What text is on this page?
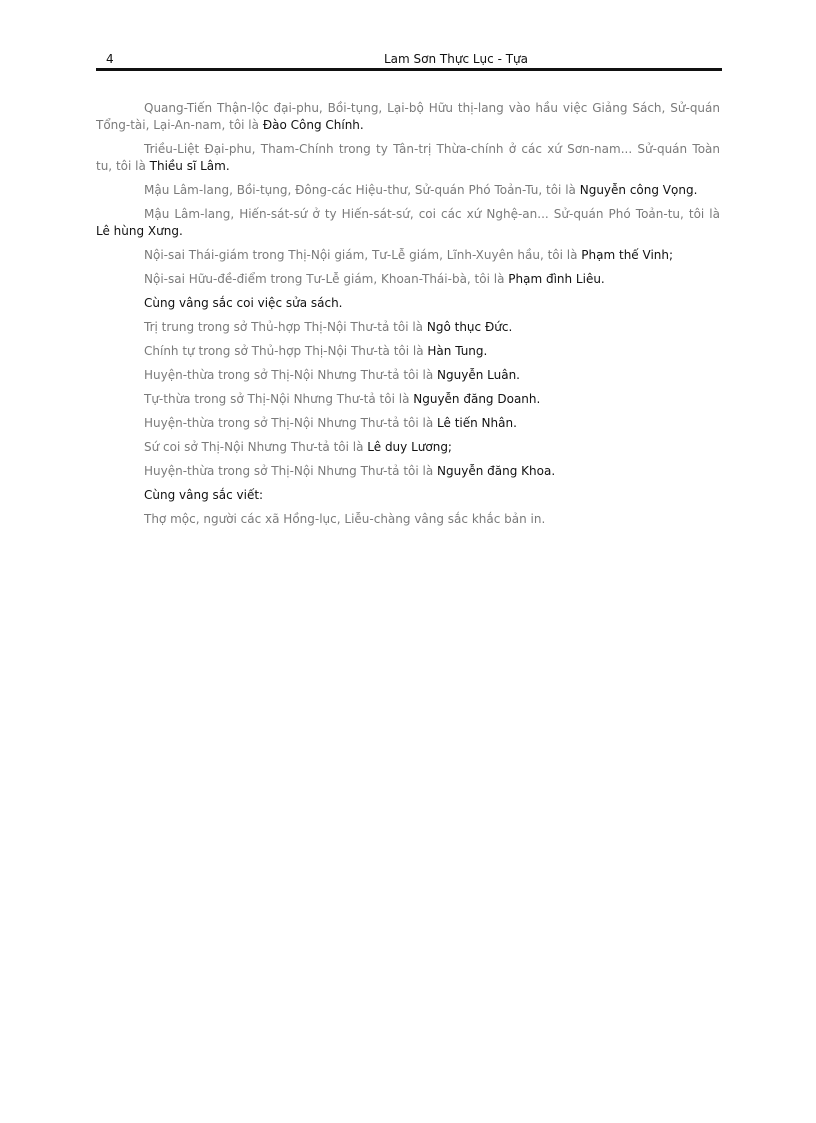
4	Lam Sơn Thực Lục - Tựa

Quang-Tiến Thận-lộc đại-phu, Bồi-tụng, Lại-bộ Hữu thị-lang vào hầu việc Giảng Sách, Sử-quán Tổng-tài, Lại-An-nam, tôi là Đào Công Chính.

Triều-Liệt Đại-phu, Tham-Chính trong ty Tân-trị Thừa-chính ở các xứ Sơn-nam... Sử-quán Toàn tu, tôi là Thiều sĩ Lâm.

Mậu Lâm-lang, Bồi-tụng, Đông-các Hiệu-thư, Sử-quán Phó Toản-Tu, tôi là Nguyễn công Vọng.

Mậu Lâm-lang, Hiến-sát-sứ ở ty Hiến-sát-sứ, coi các xứ Nghệ-an... Sử-quán Phó Toản-tu, tôi là Lê hùng Xưng.

Nội-sai Thái-giám trong Thị-Nội giám, Tư-Lễ giám, Lĩnh-Xuyên hầu, tôi là Phạm thế Vinh;

Nội-sai Hữu-đề-điểm trong Tư-Lễ giám, Khoan-Thái-bà, tôi là Phạm đình Liêu.

Cùng vâng sắc coi việc sửa sách.

Trị trung trong sở Thủ-hợp Thị-Nội Thư-tả tôi là Ngô thục Đức.

Chính tự trong sở Thủ-hợp Thị-Nội Thư-tà tôi là Hàn Tung.

Huyện-thừa trong sở Thị-Nội Nhưng Thư-tả tôi là Nguyễn Luân.

Tự-thừa trong sở Thị-Nội Nhưng Thư-tả tôi là Nguyễn đăng Doanh.

Huyện-thừa trong sở Thị-Nội Nhưng Thư-tả tôi là Lê tiến Nhân.

Sứ coi sở Thị-Nội Nhưng Thư-tả tôi là Lê duy Lương;

Huyện-thừa trong sở Thị-Nội Nhưng Thư-tả tôi là Nguyễn đăng Khoa.

Cùng vâng sắc viết:

Thợ mộc, người các xã Hồng-lục, Liễu-chàng vâng sắc khắc bản in.
